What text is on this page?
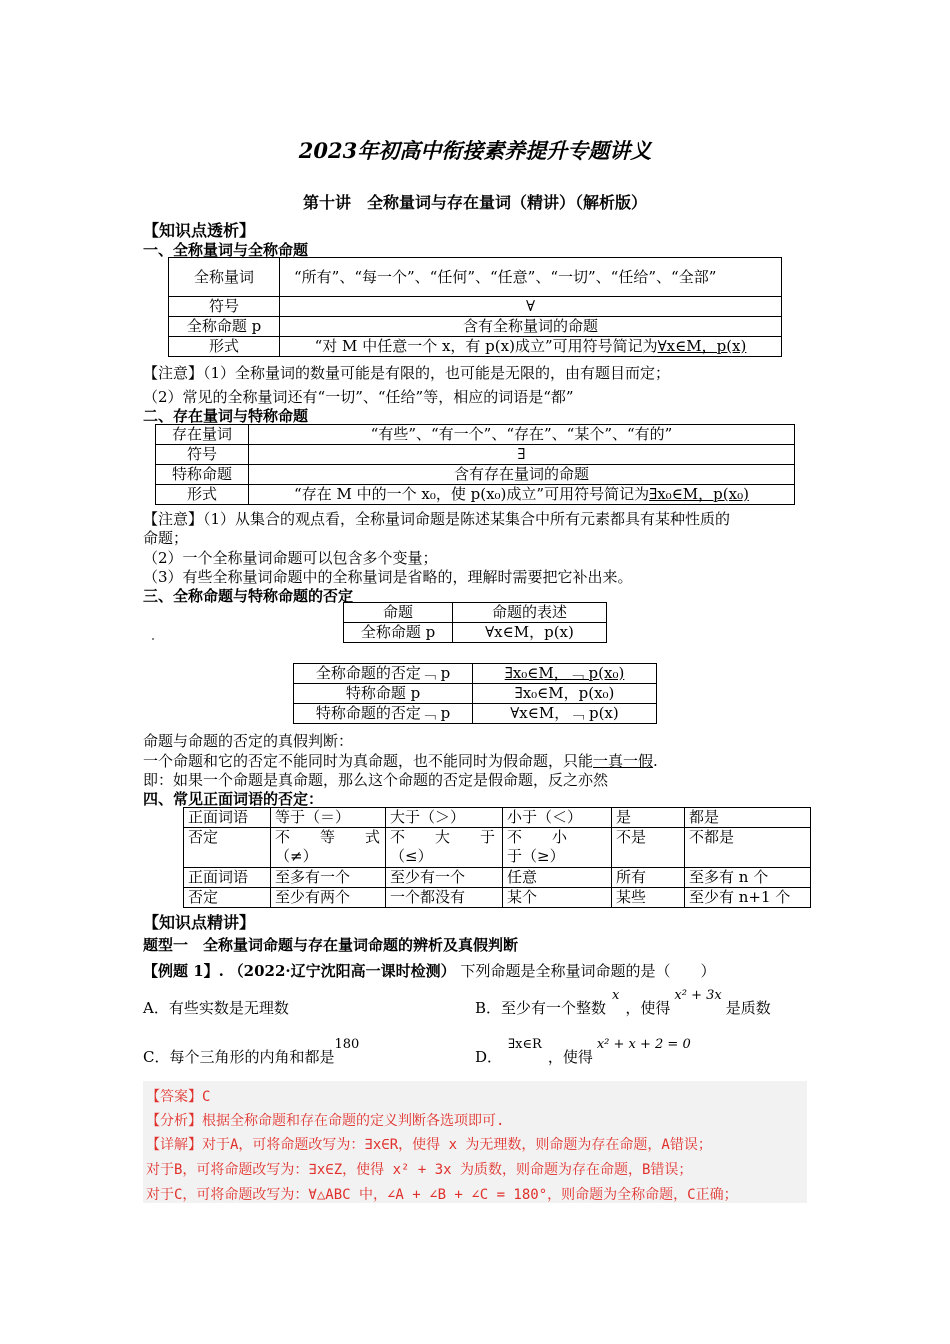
2023年初高中衔接素养提升专题讲义
第十讲　全称量词与存在量词（精讲）（解析版）
【知识点透析】
一、全称量词与全称命题
全称量词	“所有”、“每一个”、“任何”、“任意”、“一切”、“任给”、“全部”
符号	∀
全称命题 p	含有全称量词的命题
形式	“对 M 中任意一个 x，有 p(x)成立”可用符号简记为∀x∈M，p(x)
【注意】（1）全称量词的数量可能是有限的，也可能是无限的，由有题目而定；
（2）常见的全称量词还有“一切”、“任给”等，相应的词语是“都”
二、存在量词与特称命题
存在量词	“有些”、“有一个”、“存在”、“某个”、“有的”
符号	∃
特称命题	含有存在量词的命题
形式	“存在 M 中的一个 x₀，使 p(x₀)成立”可用符号简记为∃x₀∈M，p(x₀)
【注意】（1）从集合的观点看，全称量词命题是陈述某集合中所有元素都具有某种性质的
命题；
（2）一个全称量词命题可以包含多个变量；
（3）有些全称量词命题中的全称量词是省略的，理解时需要把它补出来。
三、全称命题与特称命题的否定
命题	命题的表述
全称命题 p	∀x∈M，p(x)
全称命题的否定﹁ p	∃x₀∈M，﹁ p(x₀)
特称命题 p	∃x₀∈M，p(x₀)
特称命题的否定﹁ p	∀x∈M，﹁ p(x)
命题与命题的否定的真假判断：
一个命题和它的否定不能同时为真命题，也不能同时为假命题，只能一真一假.
即：如果一个命题是真命题，那么这个命题的否定是假命题，反之亦然
四、常见正面词语的否定：
正面词语	等于（＝）	大于（＞）	小于（＜）	是	都是
否定	不　　等　　式（≠）	不　　大　　于（≤）	不　　小　　于（≥）	不是	不都是
正面词语	至多有一个	至少有一个	任意	所有	至多有 n 个
否定	至少有两个	一个都没有	某个	某些	至少有 n+1 个
【知识点精讲】
题型一　全称量词命题与存在量词命题的辨析及真假判断
【例题 1】. （2022·辽宁沈阳高一课时检测） 下列命题是全称量词命题的是（　　）
A．有些实数是无理数	B．至少有一个整数x，使得x² + 3x是质数
C．每个三角形的内角和都是180
D．∃x∈R，使得x² + x + 2 = 0
【答案】C
【分析】根据全称命题和存在命题的定义判断各选项即可.
【详解】对于A，可将命题改写为：∃x∈R，使得 x 为无理数，则命题为存在命题，A错误；
对于B，可将命题改写为：∃x∈Z，使得 x² + 3x 为质数，则命题为存在命题，B错误；
对于C，可将命题改写为：∀△ABC 中，∠A + ∠B + ∠C = 180°，则命题为全称命题，C正确；
